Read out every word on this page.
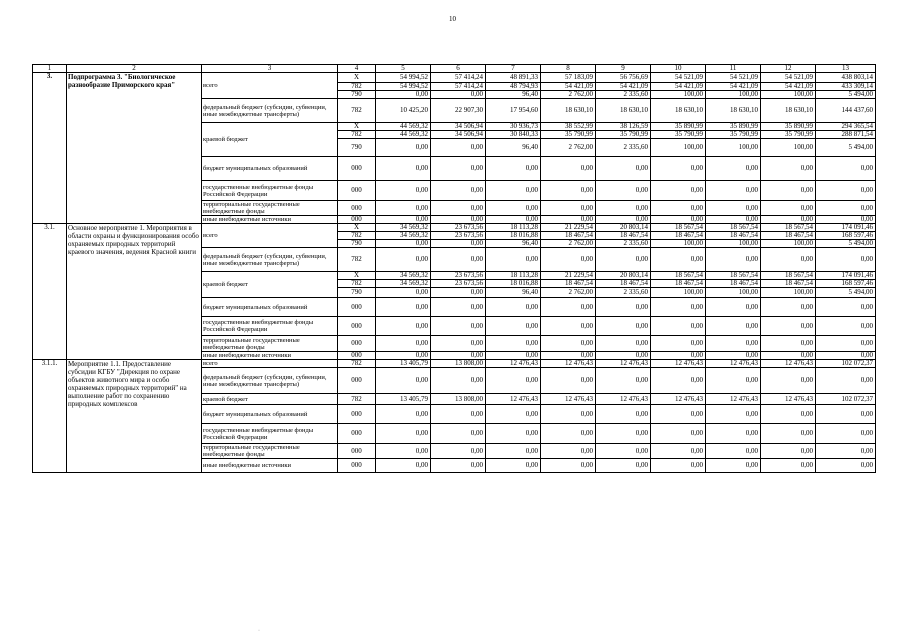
10
1	2	3	4	5	6	7	8	9	10	11	12	13
3.	Подпрограмма 3. "Биологическое разнообразие Приморского края"	всего	X	54 994,52	57 414,24	48 891,33	57 183,09	56 756,69	54 521,09	54 521,09	54 521,09	438 803,14
			782	54 994,52	57 414,24	48 794,93	54 421,09	54 421,09	54 421,09	54 421,09	54 421,09	433 309,14
			790	0,00	0,00	96,40	2 762,00	2 335,60	100,00	100,00	100,00	5 494,00
		федеральный бюджет (субсидии, субвенции, иные межбюджетные трансферты)	782	10 425,20	22 907,30	17 954,60	18 630,10	18 630,10	18 630,10	18 630,10	18 630,10	144 437,60
		краевой бюджет	X	44 569,32	34 506,94	30 936,73	38 552,99	38 126,59	35 890,99	35 890,99	35 890,99	294 365,54
			782	44 569,32	34 506,94	30 840,33	35 790,99	35 790,99	35 790,99	35 790,99	35 790,99	288 871,54
			790	0,00	0,00	96,40	2 762,00	2 335,60	100,00	100,00	100,00	5 494,00
		бюджет муниципальных образований	000	0,00	0,00	0,00	0,00	0,00	0,00	0,00	0,00	0,00
		государственные внебюджетные фонды Российской Федерации	000	0,00	0,00	0,00	0,00	0,00	0,00	0,00	0,00	0,00
		территориальные государственные внебюджетные фонды	000	0,00	0,00	0,00	0,00	0,00	0,00	0,00	0,00	0,00
		иные внебюджетные источники	000	0,00	0,00	0,00	0,00	0,00	0,00	0,00	0,00	0,00
3.1.	Основное мероприятие 1. Мероприятия в области охраны и функционирования особо охраняемых природных территорий краевого значения, ведения Красной книги	всего	X	34 569,32	23 673,56	18 113,28	21 229,54	20 803,14	18 567,54	18 567,54	18 567,54	174 091,46
			782	34 569,32	23 673,56	18 016,88	18 467,54	18 467,54	18 467,54	18 467,54	18 467,54	168 597,46
			790	0,00	0,00	96,40	2 762,00	2 335,60	100,00	100,00	100,00	5 494,00
		федеральный бюджет (субсидии, субвенции, иные межбюджетные трансферты)	782	0,00	0,00	0,00	0,00	0,00	0,00	0,00	0,00	0,00
		краевой бюджет	X	34 569,32	23 673,56	18 113,28	21 229,54	20 803,14	18 567,54	18 567,54	18 567,54	174 091,46
			782	34 569,32	23 673,56	18 016,88	18 467,54	18 467,54	18 467,54	18 467,54	18 467,54	168 597,46
			790	0,00	0,00	96,40	2 762,00	2 335,60	100,00	100,00	100,00	5 494,00
		бюджет муниципальных образований	000	0,00	0,00	0,00	0,00	0,00	0,00	0,00	0,00	0,00
		государственные внебюджетные фонды Российской Федерации	000	0,00	0,00	0,00	0,00	0,00	0,00	0,00	0,00	0,00
		территориальные государственные внебюджетные фонды	000	0,00	0,00	0,00	0,00	0,00	0,00	0,00	0,00	0,00
		иные внебюджетные источники	000	0,00	0,00	0,00	0,00	0,00	0,00	0,00	0,00	0,00
3.1.1.	Мероприятие 1.1. Предоставление субсидии КГБУ "Дирекция по охране объектов животного мира и особо охраняемых природных территорий" на выполнение работ по сохранению природных комплексов	всего	782	13 405,79	13 808,00	12 476,43	12 476,43	12 476,43	12 476,43	12 476,43	12 476,43	102 072,37
		федеральный бюджет (субсидии, субвенции, иные межбюджетные трансферты)	000	0,00	0,00	0,00	0,00	0,00	0,00	0,00	0,00	0,00
		краевой бюджет	782	13 405,79	13 808,00	12 476,43	12 476,43	12 476,43	12 476,43	12 476,43	12 476,43	102 072,37
		бюджет муниципальных образований	000	0,00	0,00	0,00	0,00	0,00	0,00	0,00	0,00	0,00
		государственные внебюджетные фонды Российской Федерации	000	0,00	0,00	0,00	0,00	0,00	0,00	0,00	0,00	0,00
		территориальные государственные внебюджетные фонды	000	0,00	0,00	0,00	0,00	0,00	0,00	0,00	0,00	0,00
		иные внебюджетные источники	000	0,00	0,00	0,00	0,00	0,00	0,00	0,00	0,00	0,00
·
